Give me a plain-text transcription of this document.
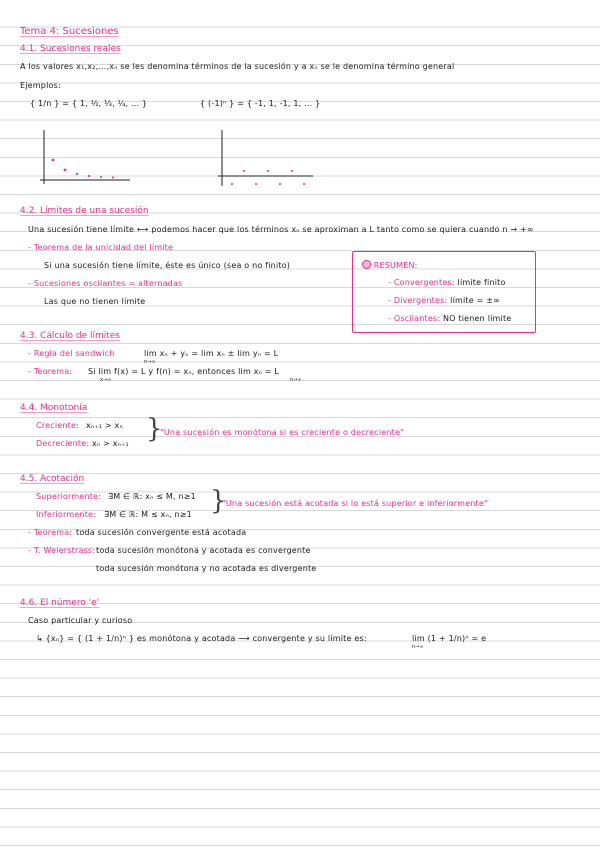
Tema 4: Sucesiones
4.1. Sucesiones reales
A los valores x₁,x₂,...,xₙ se les denomina términos de la sucesión y a xₙ se le denomina término general
Ejemplos:
{ 1/n } = { 1, ½, ⅓, ¼, ... }	{ (-1)ⁿ } = { -1, 1, -1, 1, ... }
4.2. Límites de una sucesión
Una sucesión tiene límite ⟷ podemos hacer que los términos xₙ se aproximan a L tanto como se quiera cuando n → +∞
- Teorema de la unicidad del límite
Si una sucesión tiene límite, éste es único (sea o no finito)
- Sucesiones oscilantes = alternadas
Las que no tienen límite
RESUMEN:
- Convergentes: límite finito
- Divergentes: límite = ±∞
- Oscilantes: NO tienen límite
4.3. Cálculo de límites
- Regla del sandwich	lim xₙ + yₙ = lim xₙ ± lim yₙ = L
n→∞
- Teorema: Si lim f(x) = L y f(n) = xₙ, entonces lim xₙ = L
x→∞	n→∞
4.4. Monotonía
Creciente: xₙ₊₁ > xₙ
Decreciente: xₙ > xₙ₊₁ }
"Una sucesión es monótona si es creciente o decreciente"
4.5. Acotación
Superiormente: ∃M ∈ ℝ: xₙ ≤ M, n≥1
Inferiormente: ∃M ∈ ℝ: M ≤ xₙ, n≥1 }
"Una sucesión está acotada si lo está superior e inferiormente"
- Teorema: toda sucesión convergente está acotada
- T. Weierstrass: toda sucesión monótona y acotada es convergente
toda sucesión monótona y no acotada es divergente
4.6. El número 'e'
Caso particular y curioso
↳ {xₙ} = { (1 + 1/n)ⁿ } es monótona y acotada ⟶ convergente y su límite es:	lim (1 + 1/n)ⁿ = e
n→∞
